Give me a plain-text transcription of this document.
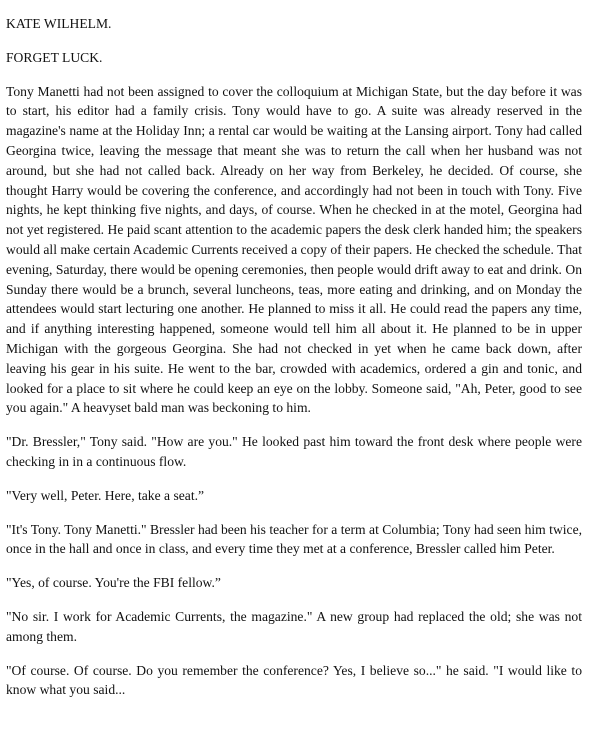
KATE WILHELM.

FORGET LUCK.

Tony Manetti had not been assigned to cover the colloquium at Michigan State, but the day before it was to start, his editor had a family crisis. Tony would have to go. A suite was already reserved in the magazine's name at the Holiday Inn; a rental car would be waiting at the Lansing airport. Tony had called Georgina twice, leaving the message that meant she was to return the call when her husband was not around, but she had not called back. Already on her way from Berkeley, he decided. Of course, she thought Harry would be covering the conference, and accordingly had not been in touch with Tony. Five nights, he kept thinking five nights, and days, of course. When he checked in at the motel, Georgina had not yet registered. He paid scant attention to the academic papers the desk clerk handed him; the speakers would all make certain Academic Currents received a copy of their papers. He checked the schedule. That evening, Saturday, there would be opening ceremonies, then people would drift away to eat and drink. On Sunday there would be a brunch, several luncheons, teas, more eating and drinking, and on Monday the attendees would start lecturing one another. He planned to miss it all. He could read the papers any time, and if anything interesting happened, someone would tell him all about it. He planned to be in upper Michigan with the gorgeous Georgina. She had not checked in yet when he came back down, after leaving his gear in his suite. He went to the bar, crowded with academics, ordered a gin and tonic, and looked for a place to sit where he could keep an eye on the lobby. Someone said, "Ah, Peter, good to see you again." A heavyset bald man was beckoning to him.

"Dr. Bressler," Tony said. "How are you." He looked past him toward the front desk where people were checking in in a continuous flow.

"Very well, Peter. Here, take a seat.”

"It's Tony. Tony Manetti." Bressler had been his teacher for a term at Columbia; Tony had seen him twice, once in the hall and once in class, and every time they met at a conference, Bressler called him Peter.

"Yes, of course. You're the FBI fellow.”

"No sir. I work for Academic Currents, the magazine." A new group had replaced the old; she was not among them.

"Of course. Of course. Do you remember the conference? Yes, I believe so..." he said. "I would like to know what you said...
